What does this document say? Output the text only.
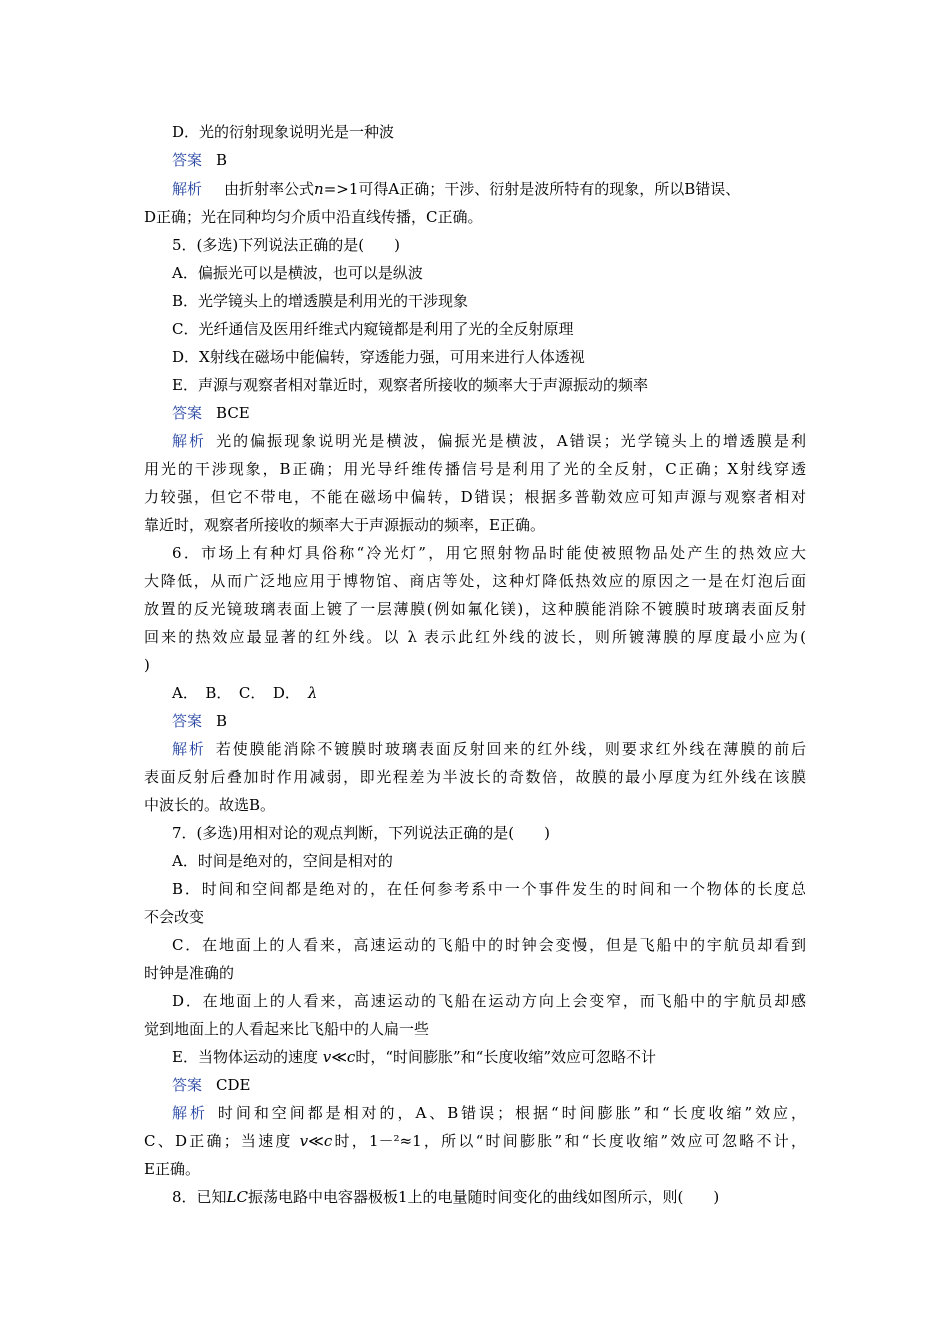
D．光的衍射现象说明光是一种波
答案 B
解析 由折射率公式n=>1可得A正确；干涉、衍射是波所特有的现象，所以B错误、
D正确；光在同种均匀介质中沿直线传播，C正确。
5．(多选)下列说法正确的是(　　)
A．偏振光可以是横波，也可以是纵波
B．光学镜头上的增透膜是利用光的干涉现象
C．光纤通信及医用纤维式内窥镜都是利用了光的全反射原理
D．X射线在磁场中能偏转，穿透能力强，可用来进行人体透视
E．声源与观察者相对靠近时，观察者所接收的频率大于声源振动的频率
答案 BCE
解析 光的偏振现象说明光是横波，偏振光是横波，A错误；光学镜头上的增透膜是利
用光的干涉现象，B正确；用光导纤维传播信号是利用了光的全反射，C正确；X射线穿透
力较强，但它不带电，不能在磁场中偏转，D错误；根据多普勒效应可知声源与观察者相对
靠近时，观察者所接收的频率大于声源振动的频率，E正确。
6．市场上有种灯具俗称“冷光灯”，用它照射物品时能使被照物品处产生的热效应大
大降低，从而广泛地应用于博物馆、商店等处，这种灯降低热效应的原因之一是在灯泡后面
放置的反光镜玻璃表面上镀了一层薄膜(例如氟化镁)，这种膜能消除不镀膜时玻璃表面反射
回来的热效应最显著的红外线。以 λ 表示此红外线的波长，则所镀薄膜的厚度最小应为(
)
A．　B．　C．　D． λ
答案 B
解析 若使膜能消除不镀膜时玻璃表面反射回来的红外线，则要求红外线在薄膜的前后
表面反射后叠加时作用减弱，即光程差为半波长的奇数倍，故膜的最小厚度为红外线在该膜
中波长的。故选B。
7．(多选)用相对论的观点判断，下列说法正确的是(　　)
A．时间是绝对的，空间是相对的
B．时间和空间都是绝对的，在任何参考系中一个事件发生的时间和一个物体的长度总
不会改变
C．在地面上的人看来，高速运动的飞船中的时钟会变慢，但是飞船中的宇航员却看到
时钟是准确的
D．在地面上的人看来，高速运动的飞船在运动方向上会变窄，而飞船中的宇航员却感
觉到地面上的人看起来比飞船中的人扁一些
E．当物体运动的速度 v≪c时，“时间膨胀”和“长度收缩”效应可忽略不计
答案 CDE
解析 时间和空间都是相对的，A、B错误；根据“时间膨胀”和“长度收缩”效应，
C、D正确；当速度 v≪c时，1－²≈1，所以“时间膨胀”和“长度收缩”效应可忽略不计，
E正确。
8．已知LC振荡电路中电容器极板1上的电量随时间变化的曲线如图所示，则(　　)
